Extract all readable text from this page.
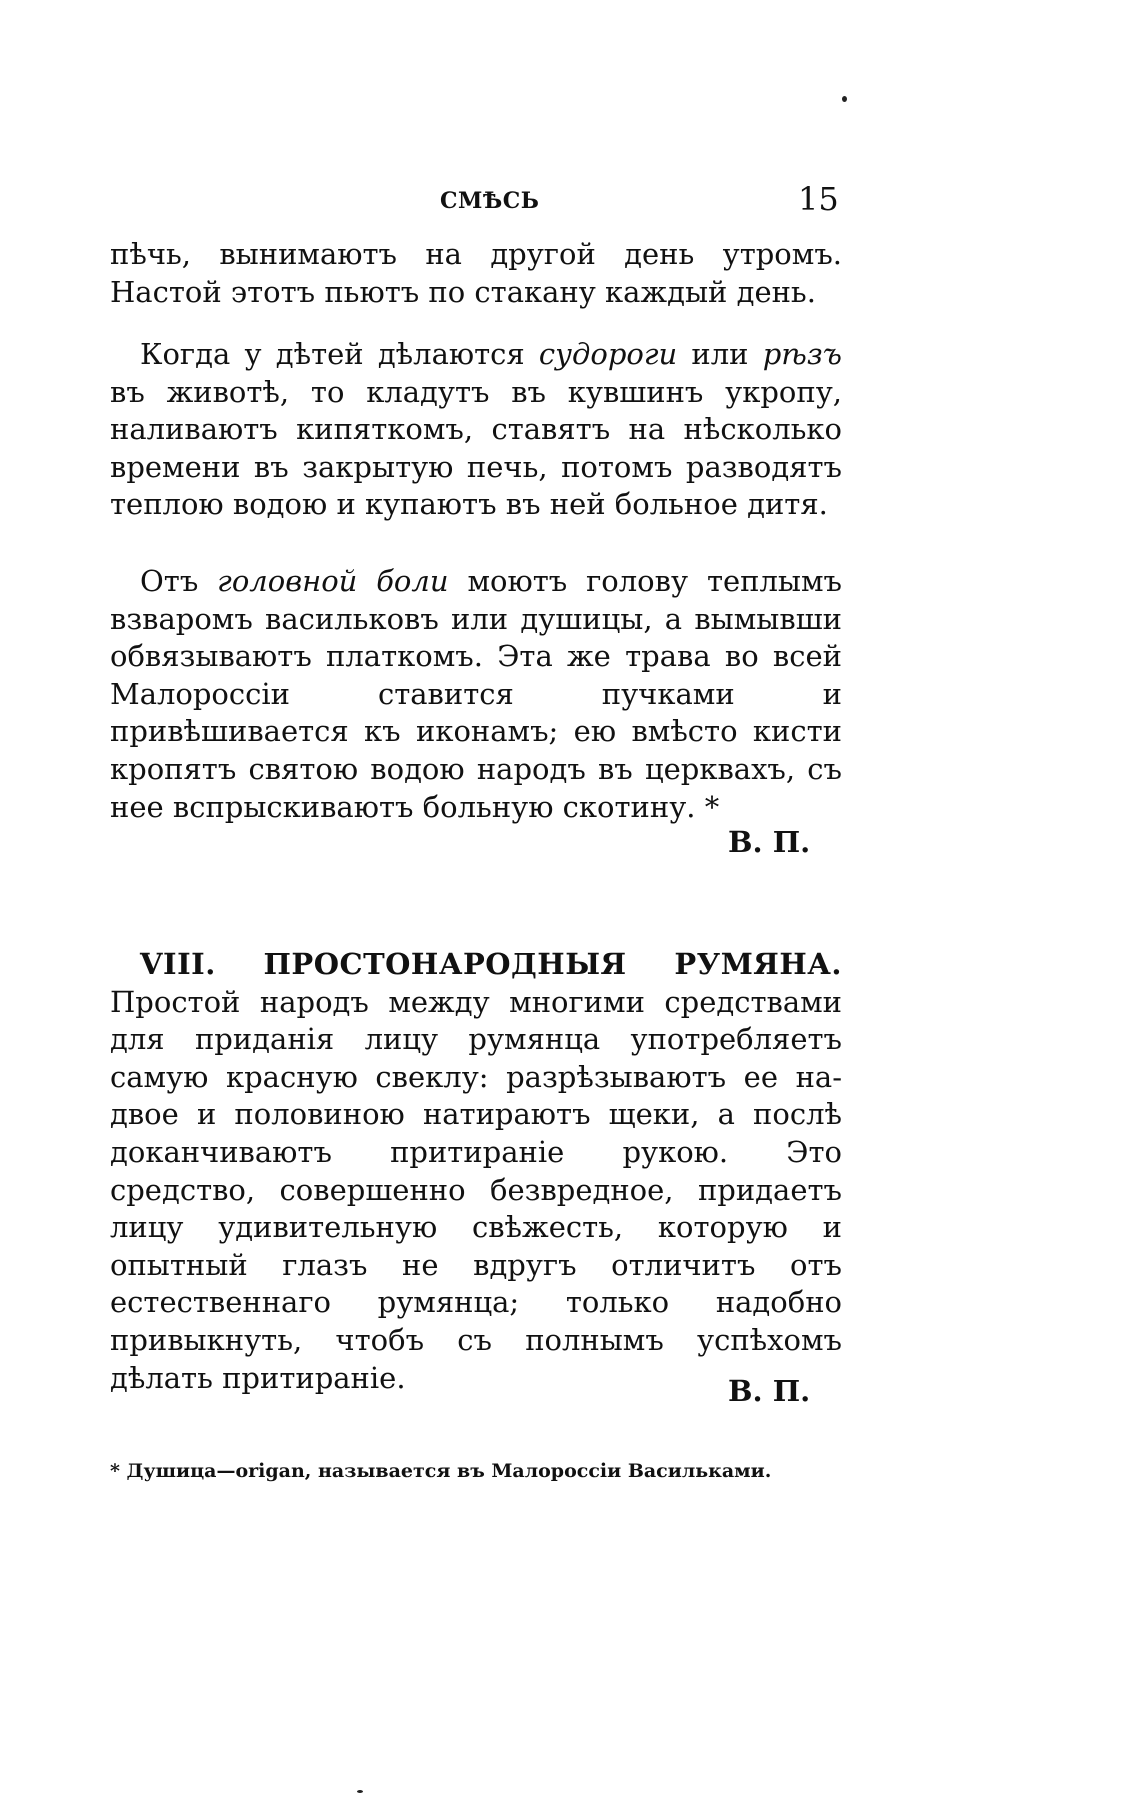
СМѢСЬ	15
пѣчь, вынимаютъ на другой день утромъ. Настой этотъ пьютъ по стакану каждый день.
Когда у дѣтей дѣлаются судороги или рѣзъ въ животѣ, то кладутъ въ кувшинъ укропу, наливаютъ кипяткомъ, ставятъ на нѣсколько времени въ закрытую печь, потомъ разводятъ теплою водою и купаютъ въ ней больное дитя.
Отъ головной боли моютъ голову теплымъ взваромъ васильковъ или душицы, а вымывши обвязываютъ платкомъ. Эта же трава во всей Малороссіи ставится пучками и привѣшивается къ иконамъ; ею вмѣсто кисти кропятъ святою водою народъ въ церквахъ, съ нее вспрыскиваютъ больную скотину. *
В. П.
VIII. ПРОСТОНАРОДНЫЯ РУМЯНА. Простой народъ между многими средствами для приданія лицу румянца употребляетъ самую красную свеклу: разрѣзываютъ ее на-двое и половиною натираютъ щеки, а послѣ доканчиваютъ притираніе рукою. Это средство, совершенно безвредное, придаетъ лицу удивительную свѣжесть, которую и опытный глазъ не вдругъ отличитъ отъ естественнаго румянца; только надобно привыкнуть, чтобъ съ полнымъ успѣхомъ дѣлать притираніе.	В. П.
* Душица—origan, называется въ Малороссіи Васильками.
